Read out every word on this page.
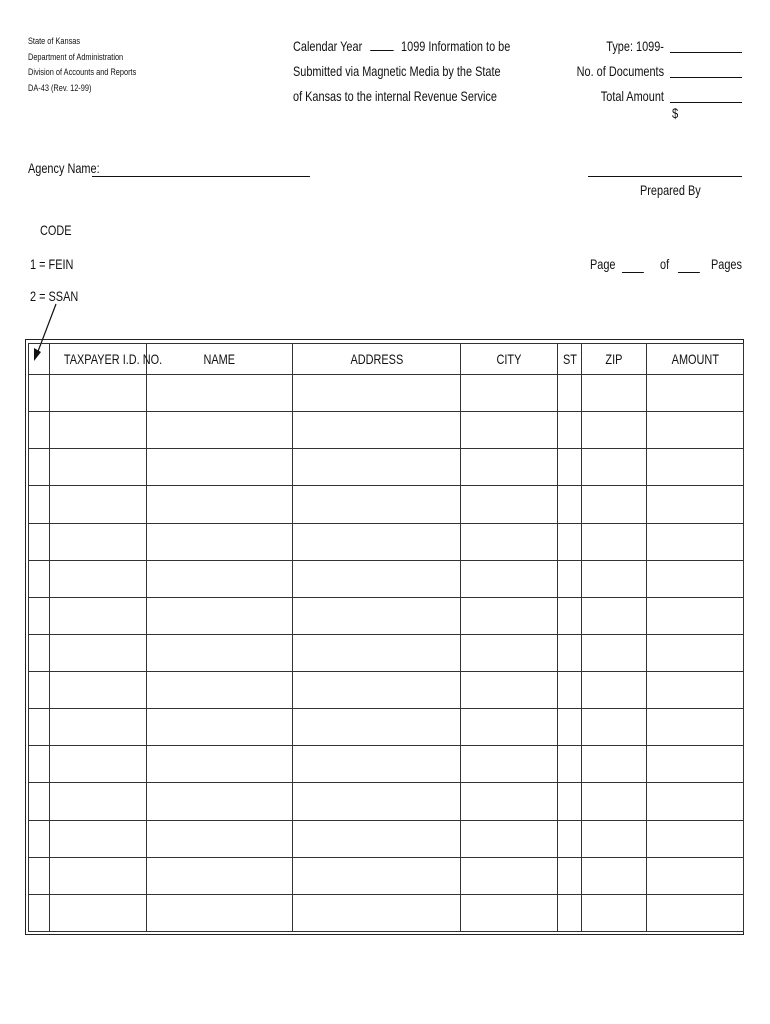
State of Kansas
Department of Administration
Division of Accounts and Reports
DA-43 (Rev. 12-99)
Calendar Year	1099 Information to be
Submitted via Magnetic Media by the State
of Kansas to the internal Revenue Service
Type: 1099-
No. of Documents
Total Amount
$
Agency Name:
Prepared By
CODE
1 = FEIN
2 = SSAN
Page	of	Pages
	TAXPAYER I.D. NO.	NAME	ADDRESS	CITY	ST	ZIP	AMOUNT
